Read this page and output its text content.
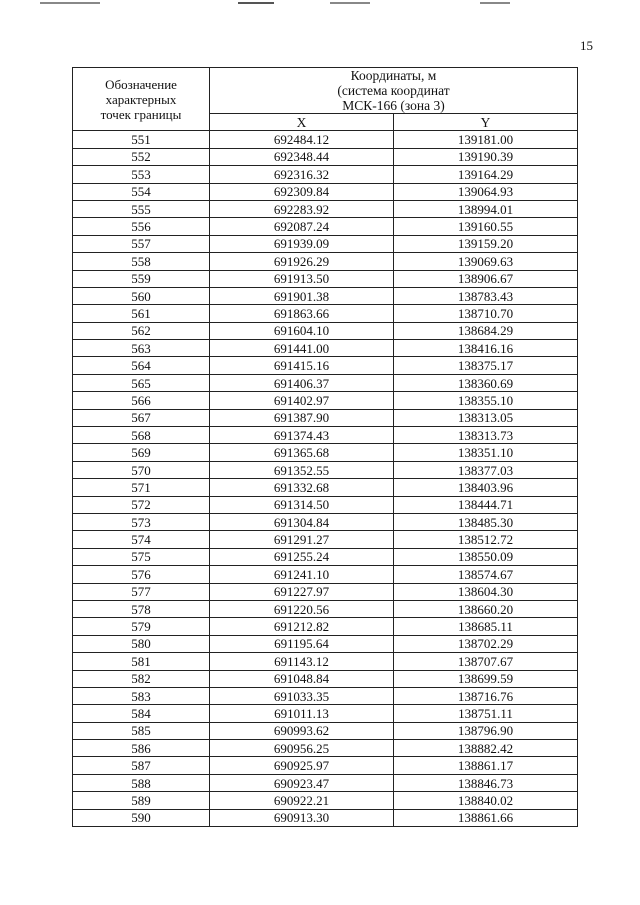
15
Обозначение
характерных
точек границы	Координаты, м
(система координат
МСК-166 (зона 3)	

	X	Y
551	692484.12	139181.00
552	692348.44	139190.39
553	692316.32	139164.29
554	692309.84	139064.93
555	692283.92	138994.01
556	692087.24	139160.55
557	691939.09	139159.20
558	691926.29	139069.63
559	691913.50	138906.67
560	691901.38	138783.43
561	691863.66	138710.70
562	691604.10	138684.29
563	691441.00	138416.16
564	691415.16	138375.17
565	691406.37	138360.69
566	691402.97	138355.10
567	691387.90	138313.05
568	691374.43	138313.73
569	691365.68	138351.10
570	691352.55	138377.03
571	691332.68	138403.96
572	691314.50	138444.71
573	691304.84	138485.30
574	691291.27	138512.72
575	691255.24	138550.09
576	691241.10	138574.67
577	691227.97	138604.30
578	691220.56	138660.20
579	691212.82	138685.11
580	691195.64	138702.29
581	691143.12	138707.67
582	691048.84	138699.59
583	691033.35	138716.76
584	691011.13	138751.11
585	690993.62	138796.90
586	690956.25	138882.42
587	690925.97	138861.17
588	690923.47	138846.73
589	690922.21	138840.02
590	690913.30	138861.66
